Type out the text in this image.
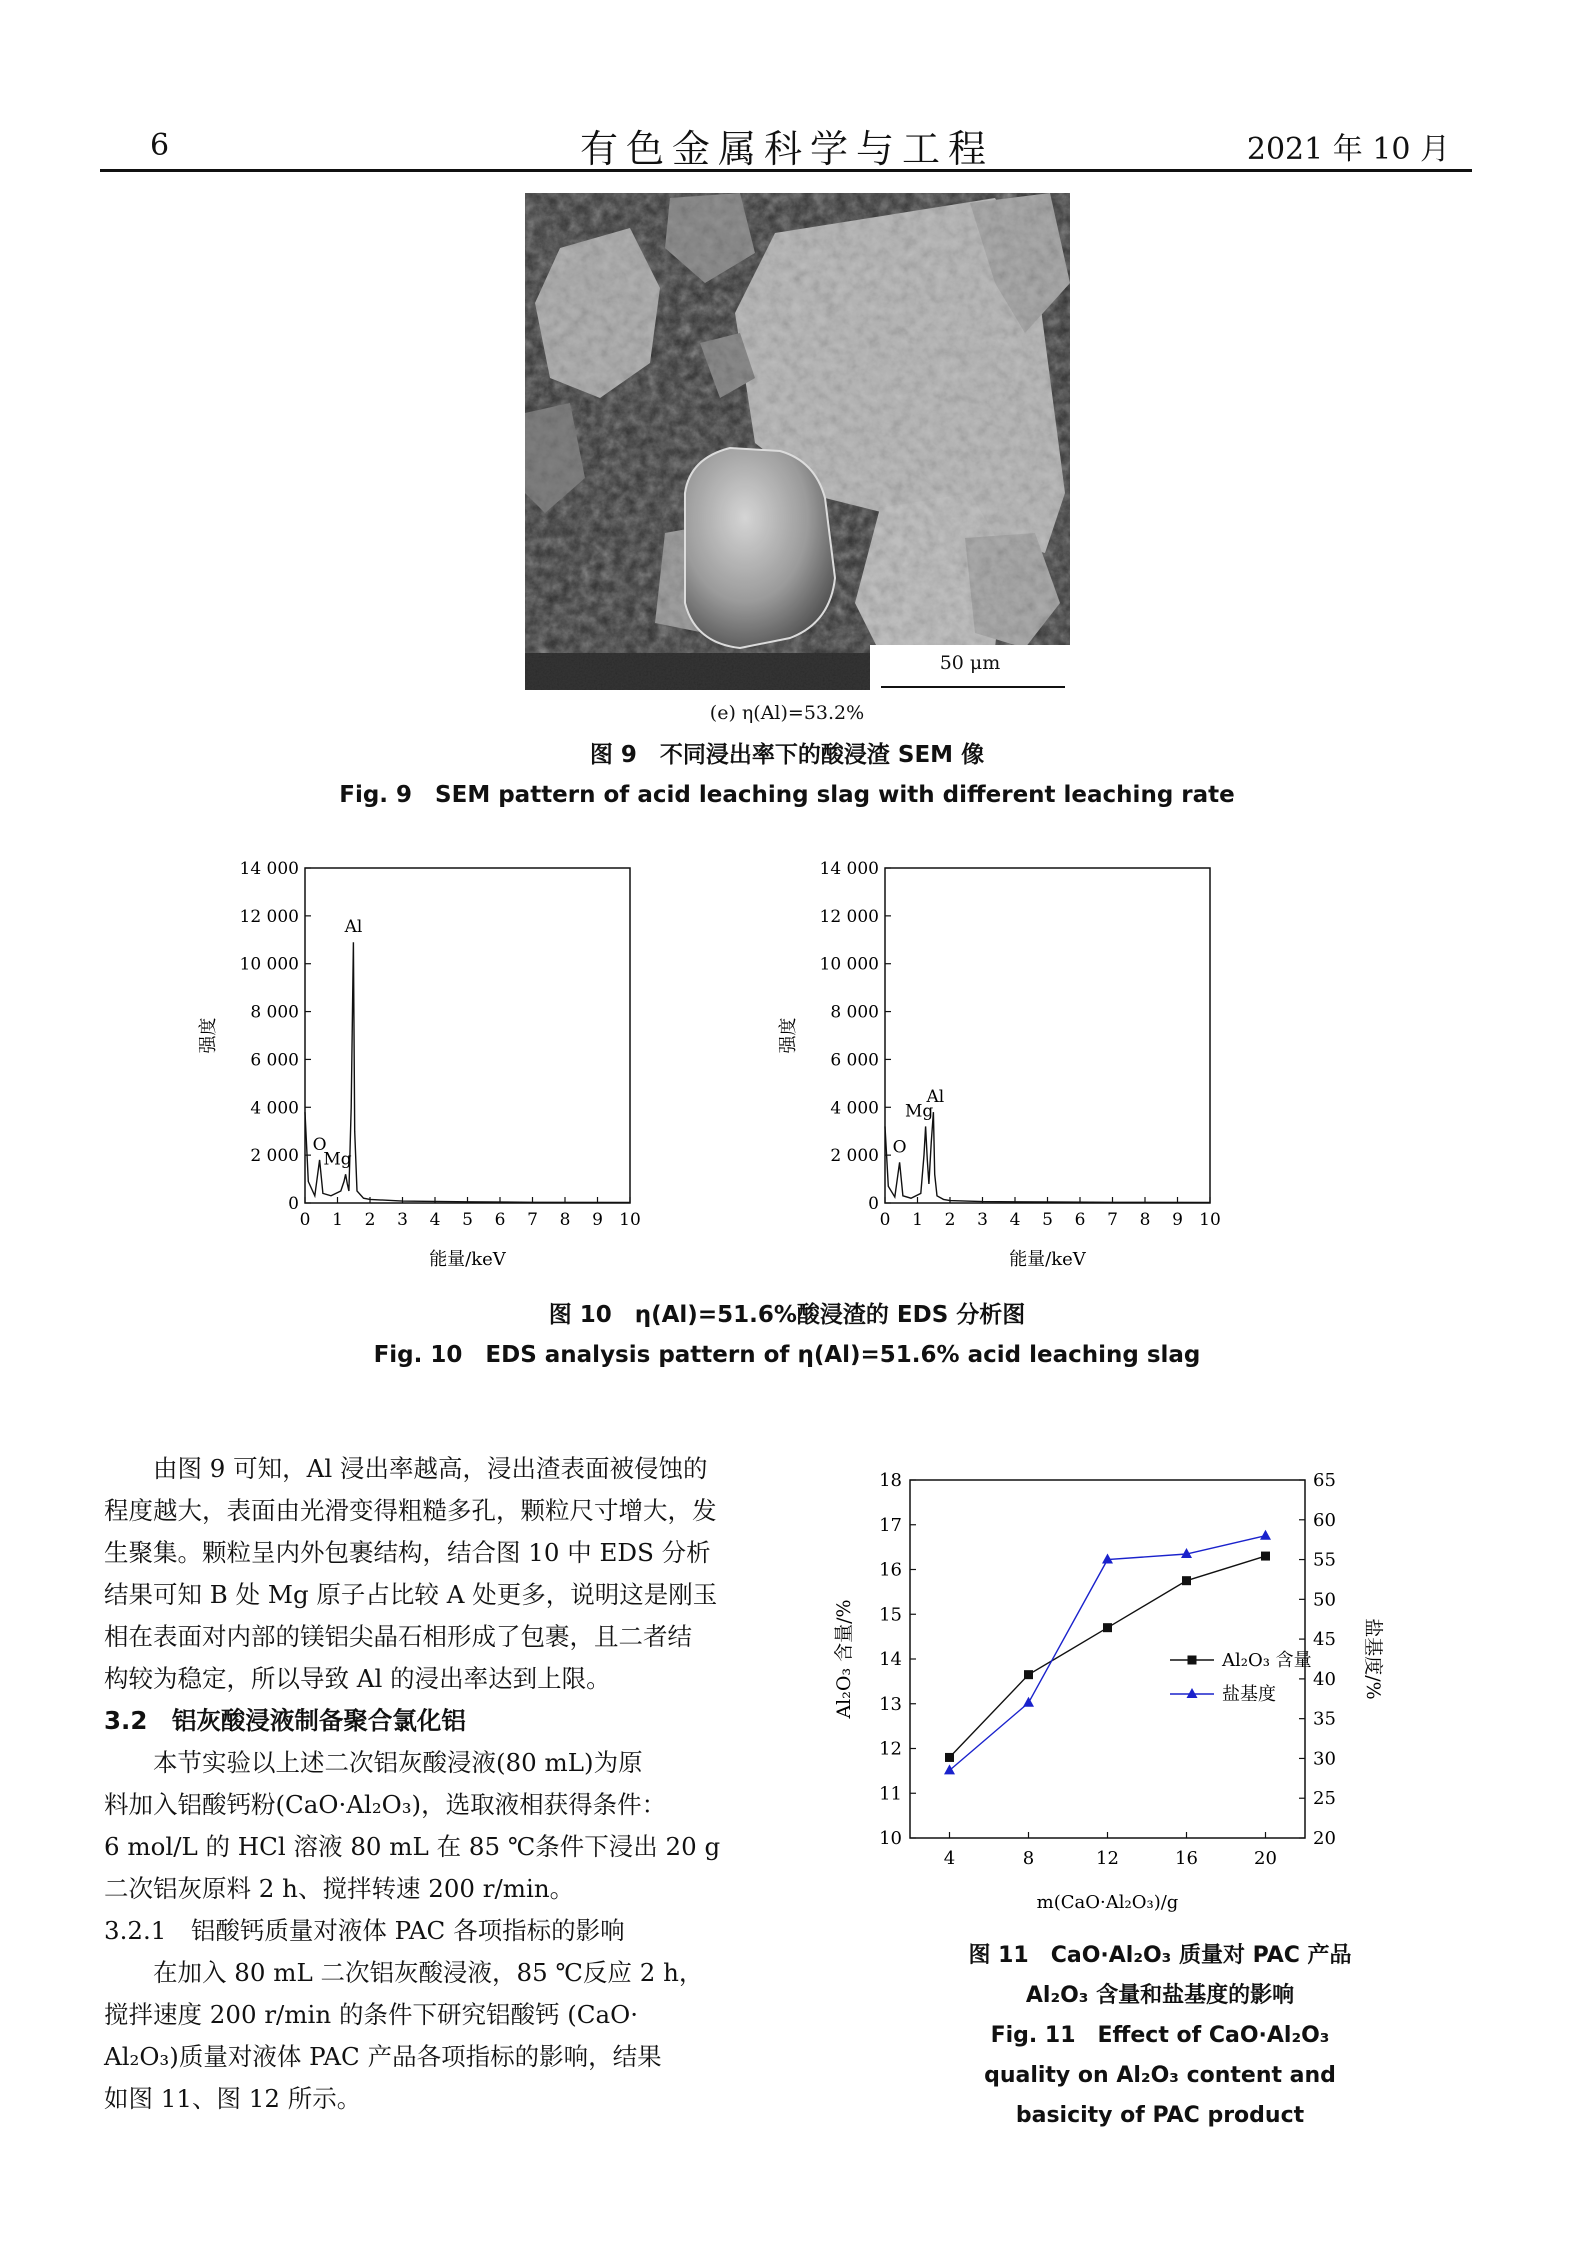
6	有色金属科学与工程	2021 年 10 月
50 μm
(e) η(Al)=53.2%
图 9　不同浸出率下的酸浸渣 SEM 像
Fig. 9　SEM pattern of acid leaching slag with different leaching rate
0 1 2 3 4 5 6 7 8 9 10
0
2 000
4 000
6 000
8 000
10 000
12 000
14 000
O
Mg
Al
能量/keV
强度
0 1 2 3 4 5 6 7 8 9 10
0
2 000
4 000
6 000
8 000
10 000
12 000
14 000
O
Mg
Al
能量/keV
强度
图 10　η(Al)=51.6%酸浸渣的 EDS 分析图
Fig. 10　EDS analysis pattern of η(Al)=51.6% acid leaching slag

　　由图 9 可知，Al 浸出率越高，浸出渣表面被侵蚀的

程度越大，表面由光滑变得粗糙多孔，颗粒尺寸增大，发

生聚集。颗粒呈内外包裹结构，结合图 10 中 EDS 分析

结果可知 B 处 Mg 原子占比较 A 处更多，说明这是刚玉

相在表面对内部的镁铝尖晶石相形成了包裹，且二者结

构较为稳定，所以导致 Al 的浸出率达到上限。

3.2　铝灰酸浸液制备聚合氯化铝

　　本节实验以上述二次铝灰酸浸液(80 mL)为原

料加入铝酸钙粉(CaO·Al₂O₃)，选取液相获得条件：

6 mol/L 的 HCl 溶液 80 mL 在 85 ℃条件下浸出 20 g

二次铝灰原料 2 h、搅拌转速 200 r/min。

3.2.1　铝酸钙质量对液体 PAC 各项指标的影响

　　在加入 80 mL 二次铝灰酸浸液，85 ℃反应 2 h，

搅拌速度 200 r/min 的条件下研究铝酸钙 (CaO·

Al₂O₃)质量对液体 PAC 产品各项指标的影响，结果

如图 11、图 12 所示。

4	8	12	16	20
10
11
12
13
14
15
16
17
18
20
25
30
35
40
45
50
55
60
65
Al₂O₃ 含量
盐基度
m(CaO·Al₂O₃)/g
Al₂O₃ 含量/%	盐基度/%
图 11　CaO·Al₂O₃ 质量对 PAC 产品
Al₂O₃ 含量和盐基度的影响
Fig. 11　Effect of CaO·Al₂O₃
quality on Al₂O₃ content and
basicity of PAC product
